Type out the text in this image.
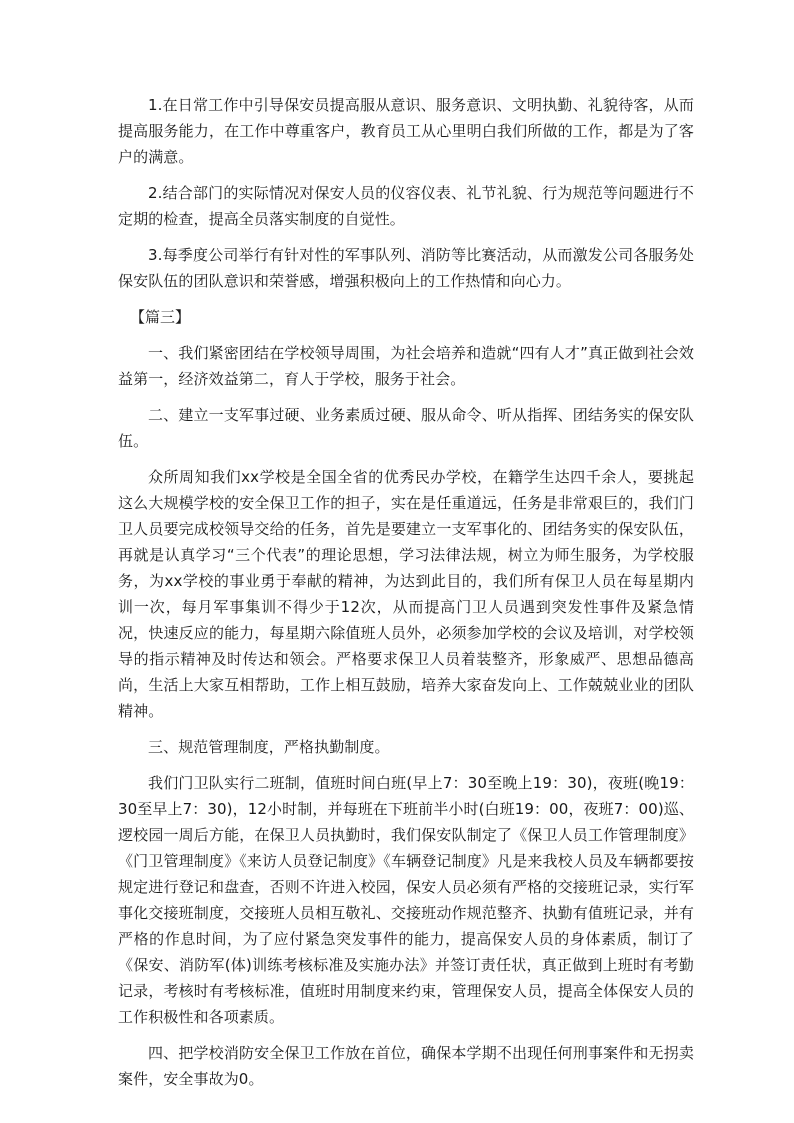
1.在日常工作中引导保安员提高服从意识、服务意识、文明执勤、礼貌待客，从而提高服务能力，在工作中尊重客户，教育员工从心里明白我们所做的工作，都是为了客户的满意。

2.结合部门的实际情况对保安人员的仪容仪表、礼节礼貌、行为规范等问题进行不定期的检查，提高全员落实制度的自觉性。

3.每季度公司举行有针对性的军事队列、消防等比赛活动，从而激发公司各服务处保安队伍的团队意识和荣誉感，增强积极向上的工作热情和向心力。

【篇三】

一、我们紧密团结在学校领导周围，为社会培养和造就“四有人才”真正做到社会效益第一，经济效益第二，育人于学校，服务于社会。

二、建立一支军事过硬、业务素质过硬、服从命令、听从指挥、团结务实的保安队伍。

众所周知我们xx学校是全国全省的优秀民办学校，在籍学生达四千余人，要挑起这么大规模学校的安全保卫工作的担子，实在是任重道远，任务是非常艰巨的，我们门卫人员要完成校领导交给的任务，首先是要建立一支军事化的、团结务实的保安队伍，再就是认真学习“三个代表”的理论思想，学习法律法规，树立为师生服务，为学校服务，为xx学校的事业勇于奉献的精神，为达到此目的，我们所有保卫人员在每星期内训一次，每月军事集训不得少于12次，从而提高门卫人员遇到突发性事件及紧急情况，快速反应的能力，每星期六除值班人员外，必须参加学校的会议及培训，对学校领导的指示精神及时传达和领会。严格要求保卫人员着装整齐，形象威严、思想品德高尚，生活上大家互相帮助，工作上相互鼓励，培养大家奋发向上、工作兢兢业业的团队精神。

三、规范管理制度，严格执勤制度。

我们门卫队实行二班制，值班时间白班(早上7：30至晚上19：30)，夜班(晚19：30至早上7：30)，12小时制，并每班在下班前半小时(白班19：00，夜班7：00)巡、逻校园一周后方能，在保卫人员执勤时，我们保安队制定了《保卫人员工作管理制度》《门卫管理制度》《来访人员登记制度》《车辆登记制度》凡是来我校人员及车辆都要按规定进行登记和盘查，否则不许进入校园，保安人员必须有严格的交接班记录，实行军事化交接班制度，交接班人员相互敬礼、交接班动作规范整齐、执勤有值班记录，并有严格的作息时间，为了应付紧急突发事件的能力，提高保安人员的身体素质，制订了《保安、消防军(体)训练考核标准及实施办法》并签订责任状，真正做到上班时有考勤记录，考核时有考核标准，值班时用制度来约束，管理保安人员，提高全体保安人员的工作积极性和各项素质。

四、把学校消防安全保卫工作放在首位，确保本学期不出现任何刑事案件和无拐卖案件，安全事故为0。
